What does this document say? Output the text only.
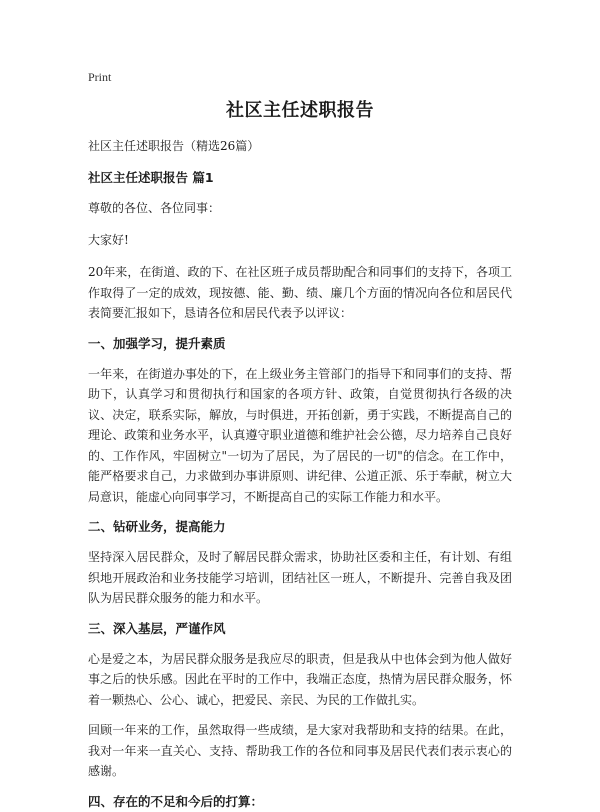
Print

社区主任述职报告

社区主任述职报告（精选26篇）

社区主任述职报告 篇1

尊敬的各位、各位同事：

大家好!

20年来，在街道、政的下、在社区班子成员帮助配合和同事们的支持下，各项工作取得了一定的成效，现按德、能、勤、绩、廉几个方面的情况向各位和居民代表简要汇报如下，恳请各位和居民代表予以评议：

一、加强学习，提升素质

一年来，在街道办事处的下，在上级业务主管部门的指导下和同事们的支持、帮助下，认真学习和贯彻执行和国家的各项方针、政策，自觉贯彻执行各级的决议、决定，联系实际，解放，与时俱进，开拓创新，勇于实践，不断提高自己的理论、政策和业务水平，认真遵守职业道德和维护社会公德，尽力培养自己良好的、工作作风，牢固树立"一切为了居民，为了居民的一切"的信念。在工作中，能严格要求自己，力求做到办事讲原则、讲纪律、公道正派、乐于奉献，树立大局意识，能虚心向同事学习，不断提高自己的实际工作能力和水平。

二、钻研业务，提高能力

坚持深入居民群众，及时了解居民群众需求，协助社区委和主任，有计划、有组织地开展政治和业务技能学习培训，团结社区一班人，不断提升、完善自我及团队为居民群众服务的能力和水平。

三、深入基层，严谨作风

心是爱之本，为居民群众服务是我应尽的职责，但是我从中也体会到为他人做好事之后的快乐感。因此在平时的工作中，我端正态度，热情为居民群众服务，怀着一颗热心、公心、诚心，把爱民、亲民、为民的工作做扎实。

回顾一年来的工作，虽然取得一些成绩，是大家对我帮助和支持的结果。在此，我对一年来一直关心、支持、帮助我工作的各位和同事及居民代表们表示衷心的感谢。

四、存在的不足和今后的打算：
